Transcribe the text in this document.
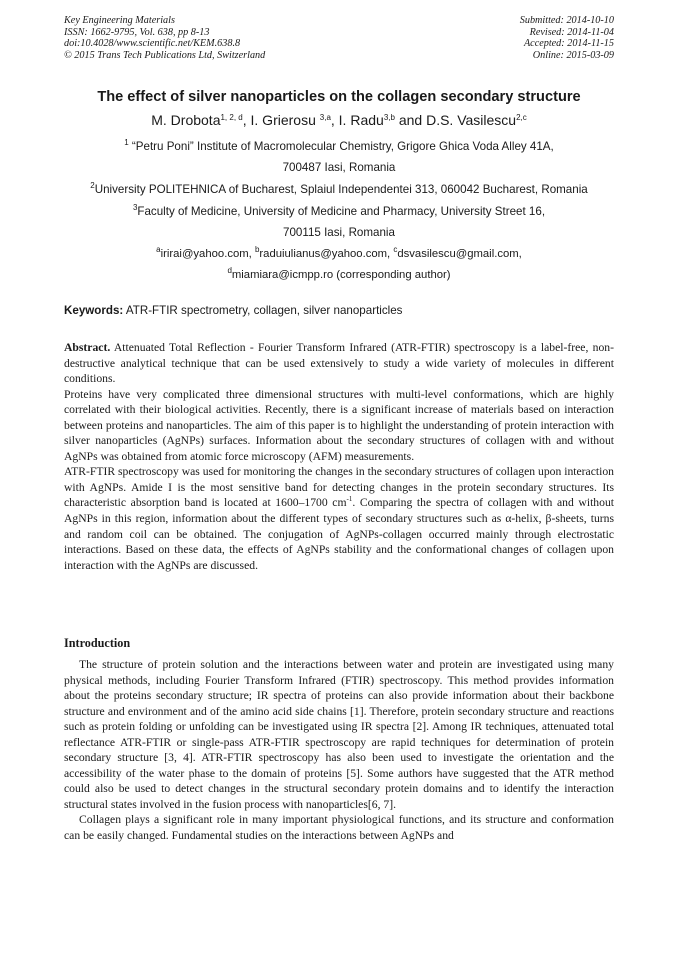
Key Engineering Materials
ISSN: 1662-9795, Vol. 638, pp 8-13
doi:10.4028/www.scientific.net/KEM.638.8
© 2015 Trans Tech Publications Ltd, Switzerland
Submitted: 2014-10-10
Revised: 2014-11-04
Accepted: 2014-11-15
Online: 2015-03-09
The effect of silver nanoparticles on the collagen secondary structure
M. Drobota$^{1, 2, d}$, I. Grierosu $^{3,a}$, I. Radu$^{3,b}$ and D.S. Vasilescu$^{2,c}$
$^1$ “Petru Poni” Institute of Macromolecular Chemistry, Grigore Ghica Voda Alley 41A,
700487 Iasi, Romania
$^2$University POLITEHNICA of Bucharest, Splaiul Independentei 313, 060042 Bucharest, Romania
$^3$Faculty of Medicine, University of Medicine and Pharmacy, University Street 16,
700115 Iasi, Romania
$^a$irirai@yahoo.com, $^b$raduiulianus@yahoo.com, $^c$dsvasilescu@gmail.com,
$^d$miamiara@icmpp.ro (corresponding author)
Keywords: ATR-FTIR spectrometry, collagen, silver nanoparticles

Abstract. Attenuated Total Reflection - Fourier Transform Infrared (ATR-FTIR) spectroscopy is a label-free, non-destructive analytical technique that can be used extensively to study a wide variety of molecules in different conditions.

Proteins have very complicated three dimensional structures with multi-level conformations, which are highly correlated with their biological activities. Recently, there is a significant increase of materials based on interaction between proteins and nanoparticles. The aim of this paper is to highlight the understanding of protein interaction with silver nanoparticles (AgNPs) surfaces. Information about the secondary structures of collagen with and without AgNPs was obtained from atomic force microscopy (AFM) measurements.

ATR-FTIR spectroscopy was used for monitoring the changes in the secondary structures of collagen upon interaction with AgNPs. Amide I is the most sensitive band for detecting changes in the protein secondary structures. Its characteristic absorption band is located at 1600–1700 $cm^{-1}$. Comparing the spectra of collagen with and without AgNPs in this region, information about the different types of secondary structures such as α-helix, β-sheets, turns and random coil can be obtained. The conjugation of AgNPs-collagen occurred mainly through electrostatic interactions. Based on these data, the effects of AgNPs stability and the conformational changes of collagen upon interaction with the AgNPs are discussed.

Introduction

The structure of protein solution and the interactions between water and protein are investigated using many physical methods, including Fourier Transform Infrared (FTIR) spectroscopy. This method provides information about the proteins secondary structure; IR spectra of proteins can also provide information about their backbone structure and environment and of the amino acid side chains [1]. Therefore, protein secondary structure and reactions such as protein folding or unfolding can be investigated using IR spectra [2]. Among IR techniques, attenuated total reflectance ATR-FTIR or single-pass ATR-FTIR spectroscopy are rapid techniques for determination of protein secondary structure [3, 4]. ATR-FTIR spectroscopy has also been used to investigate the orientation and the accessibility of the water phase to the domain of proteins [5]. Some authors have suggested that the ATR method could also be used to detect changes in the structural secondary protein domains and to identify the interaction structural states involved in the fusion process with nanoparticles[6, 7].

Collagen plays a significant role in many important physiological functions, and its structure and conformation can be easily changed. Fundamental studies on the interactions between AgNPs and
